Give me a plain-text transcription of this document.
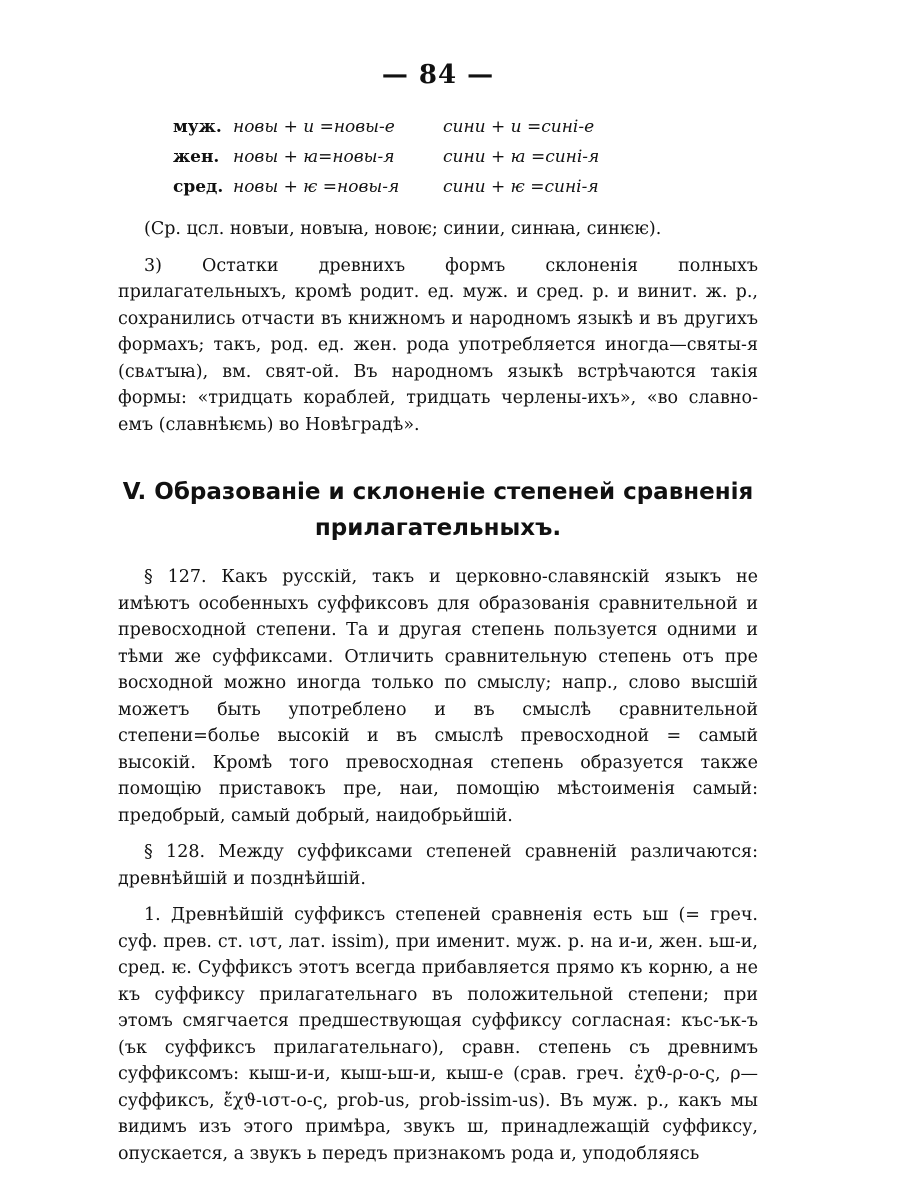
— 84 —
муж.	новы + и =новы-е	сини + и =синi-е
жен.	новы + ꙗ=новы-я	сини + ꙗ =синi-я
сред.	новы + ѥ =новы-я	сини + ѥ =синi-я

(Ср. цсл. новꙑи, новꙑꙗ, новоѥ; синии, синꙗꙗ, синѥѥ).

3) Остатки древнихъ формъ склоненія полныхъ прилагательныхъ, кромѣ родит. ед. муж. и сред. р. и винит. ж. р., сохранились отчасти въ книжномъ и народномъ языкѣ и въ другихъ формахъ; такъ, род. ед. жен. рода употребляется иногда—святы-я (свѧтꙑꙗ), вм. свят-ой. Въ народномъ языкѣ встрѣчаются такія формы: «тридцать кораблей, тридцать черлены-ихъ», «во славно-емъ (славнѣѥмь) во Новѣградѣ».

V. Образованіе и склоненіе степеней сравненія прилагательныхъ.

§ 127. Какъ русскій, такъ и церковно-славянскій языкъ не имѣютъ особенныхъ суффиксовъ для образованія сравнительной и превосходной степени. Та и другая степень пользуется одними и тѣми же суффиксами. Отличить сравнительную степень отъ пре восходной можно иногда только по смыслу; напр., слово высшій можетъ быть употреблено и въ смыслѣ сравнительной степени=болье высокій и въ смыслѣ превосходной = самый высокій. Кромѣ того превосходная степень образуется также помощію приставокъ пре, наи, помощію мѣстоименія самый: предобрый, самый добрый, наидобрьйшій.

§ 128. Между суффиксами степеней сравненій различаются: древнѣйшій и позднѣйшій.

1. Древнѣйшій суффиксъ степеней сравненія есть ьш (= греч. суф. прев. ст. ιστ, лат. issim), при именит. муж. р. на и-и, жен. ьш-и, сред. ѥ. Суффиксъ этотъ всегда прибавляется прямо къ корню, а не къ суффиксу прилагательнаго въ положительной степени; при этомъ смягчается предшествующая суффиксу согласная: къс-ък-ъ (ък суффиксъ прилагательнаго), сравн. степень съ древнимъ суффиксомъ: кыш-и-и, кыш-ьш-и, кыш-е (срав. греч. ἐχϑ-ρ-ο-ς, ρ—суффиксъ, ἔχϑ-ιστ-ο-ς, prob-us, prob-issim-us). Въ муж. р., какъ мы видимъ изъ этого примѣра, звукъ ш, принадлежащій суффиксу, опускается, а звукъ ь передъ признакомъ рода и, уподобляясь
